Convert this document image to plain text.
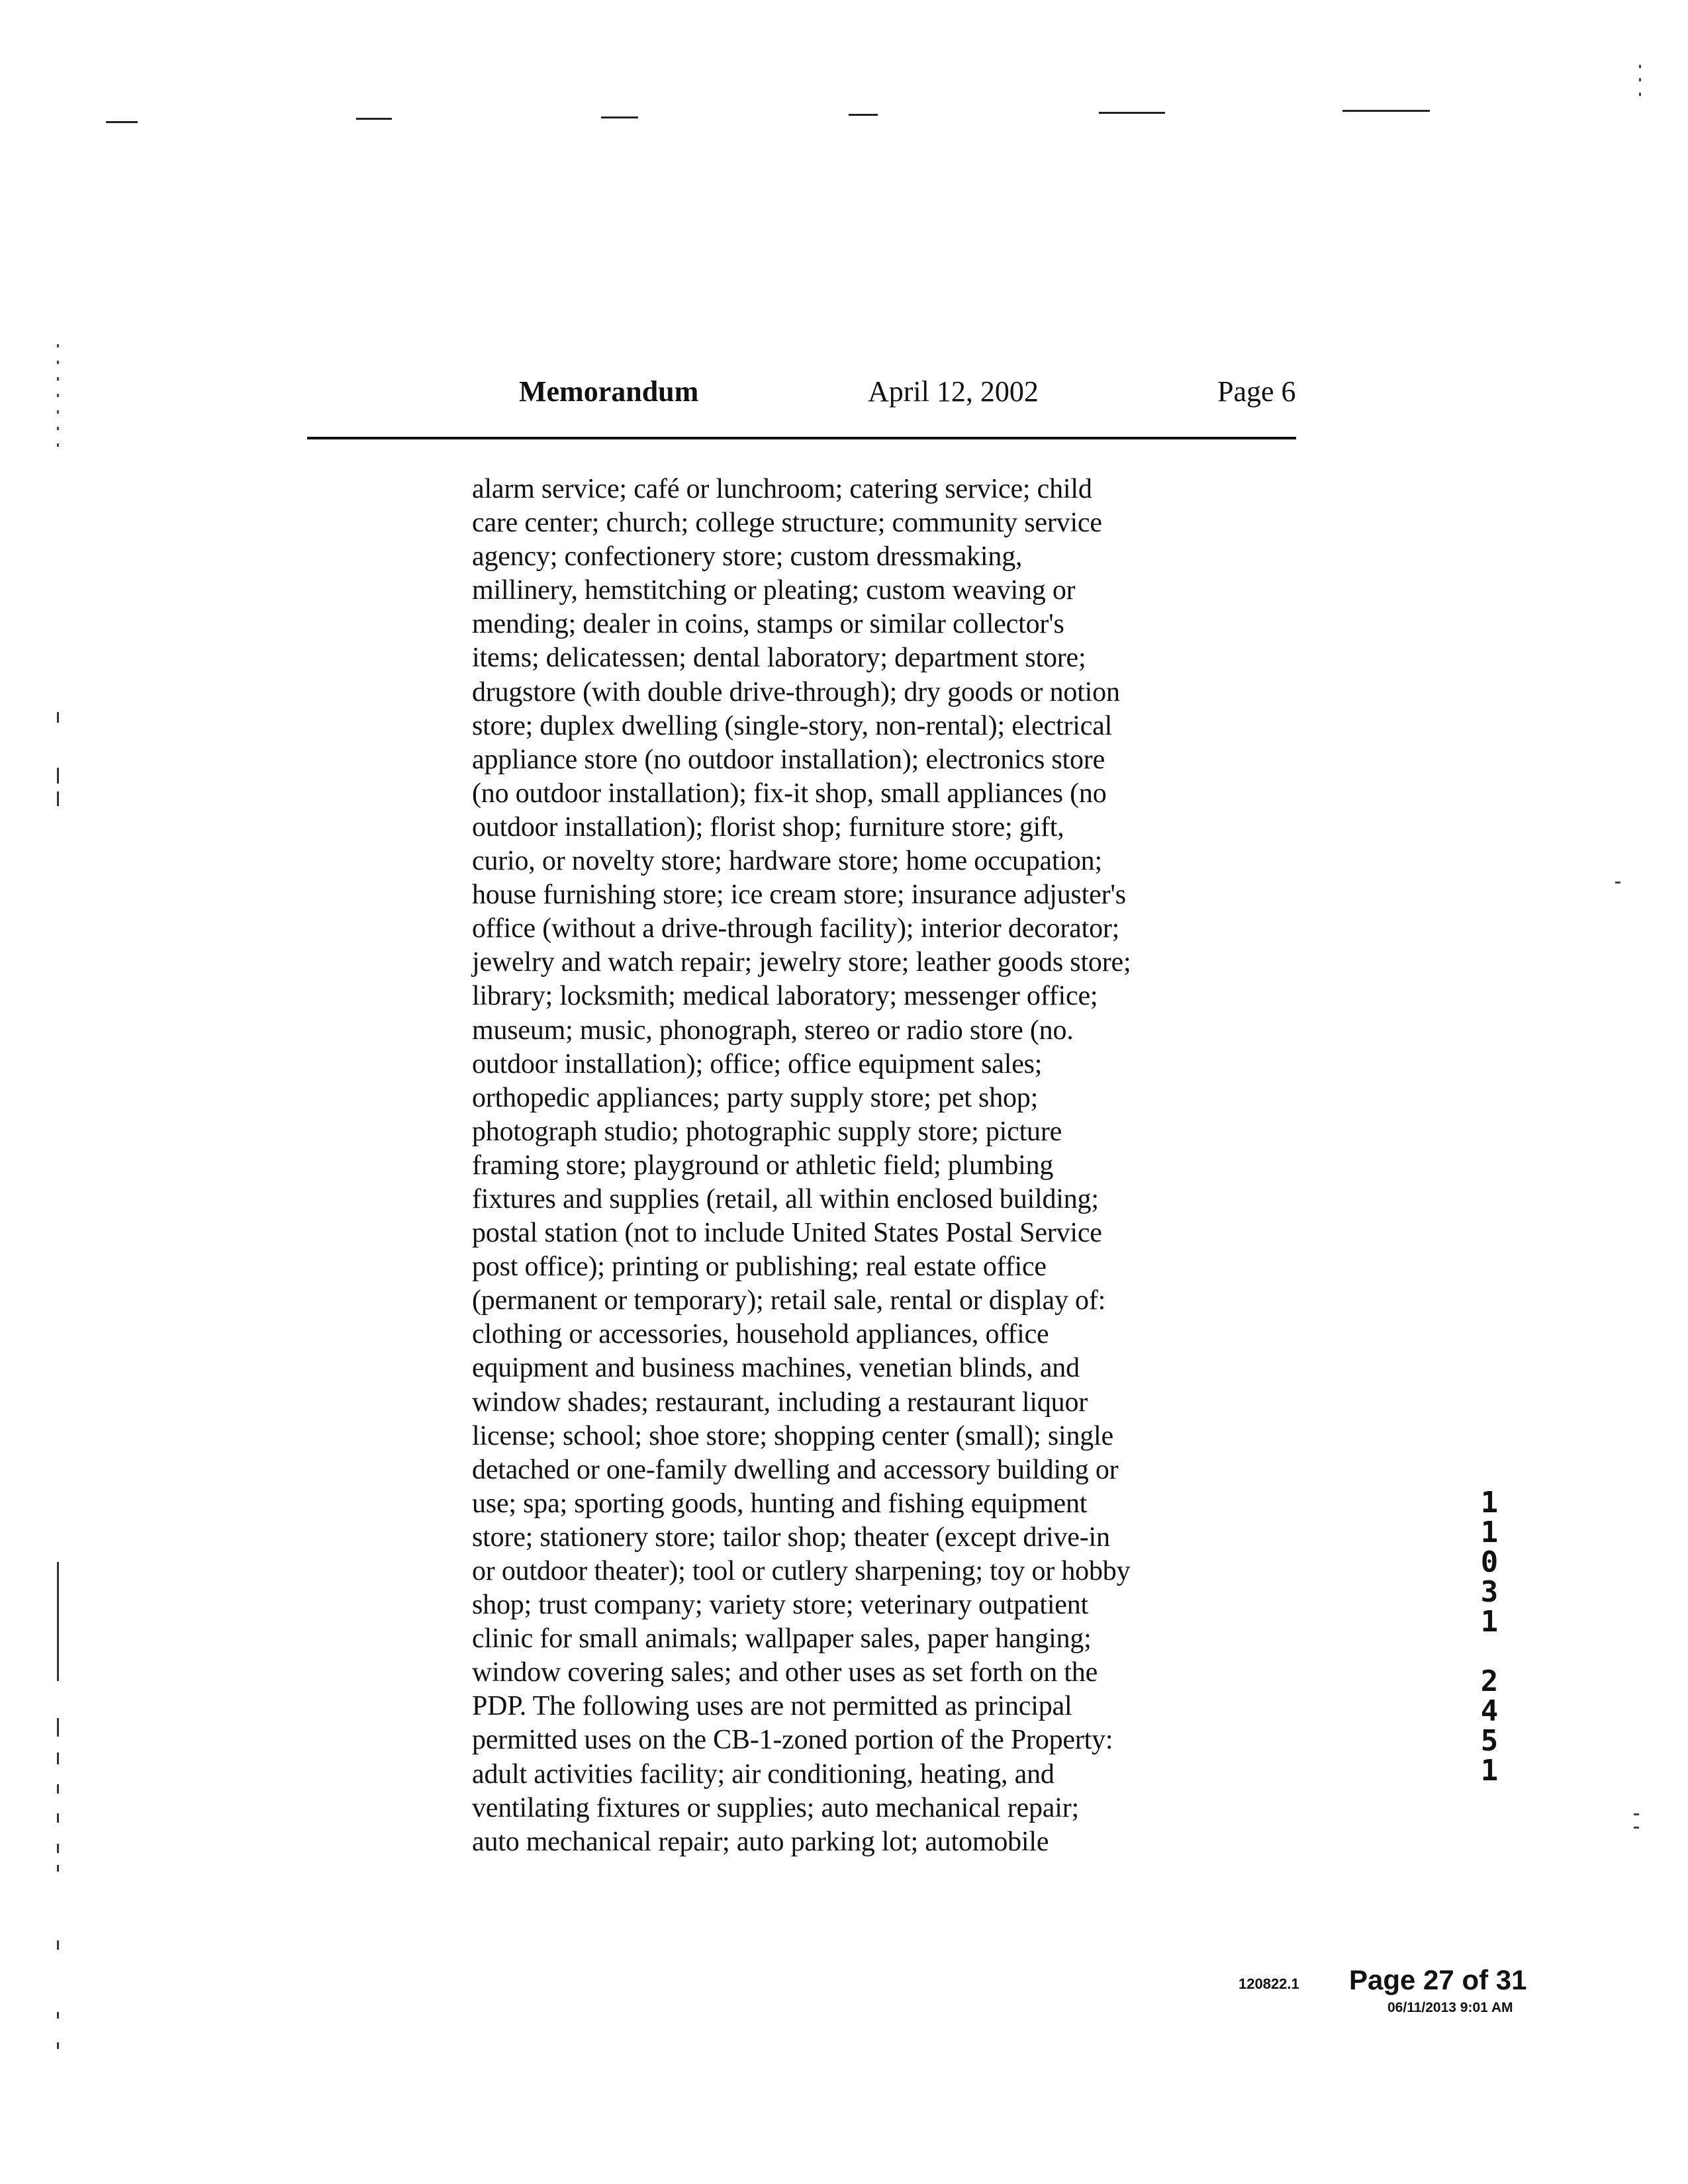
Memorandum	April 12, 2002	Page 6
alarm service; café or lunchroom; catering service; child
care center; church; college structure; community service
agency; confectionery store; custom dressmaking,
millinery, hemstitching or pleating; custom weaving or
mending; dealer in coins, stamps or similar collector's
items; delicatessen; dental laboratory; department store;
drugstore (with double drive-through); dry goods or notion
store; duplex dwelling (single-story, non-rental); electrical
appliance store (no outdoor installation); electronics store
(no outdoor installation); fix-it shop, small appliances (no
outdoor installation); florist shop; furniture store; gift,
curio, or novelty store; hardware store; home occupation;
house furnishing store; ice cream store; insurance adjuster's
office (without a drive-through facility); interior decorator;
jewelry and watch repair; jewelry store; leather goods store;
library; locksmith; medical laboratory; messenger office;
museum; music, phonograph, stereo or radio store (no.
outdoor installation); office; office equipment sales;
orthopedic appliances; party supply store; pet shop;
photograph studio; photographic supply store; picture
framing store; playground or athletic field; plumbing
fixtures and supplies (retail, all within enclosed building;
postal station (not to include United States Postal Service
post office); printing or publishing; real estate office
(permanent or temporary); retail sale, rental or display of:
clothing or accessories, household appliances, office
equipment and business machines, venetian blinds, and
window shades; restaurant, including a restaurant liquor
license; school; shoe store; shopping center (small); single
detached or one-family dwelling and accessory building or
use; spa; sporting goods, hunting and fishing equipment
store; stationery store; tailor shop; theater (except drive-in
or outdoor theater); tool or cutlery sharpening; toy or hobby
shop; trust company; variety store; veterinary outpatient
clinic for small animals; wallpaper sales, paper hanging;
window covering sales; and other uses as set forth on the
PDP. The following uses are not permitted as principal
permitted uses on the CB-1-zoned portion of the Property:
adult activities facility; air conditioning, heating, and
ventilating fixtures or supplies; auto mechanical repair;
auto mechanical repair; auto parking lot; automobile
1
1
0
3
1

2
4
5
1
120822.1 Page 27 of 31
06/11/2013 9:01 AM
